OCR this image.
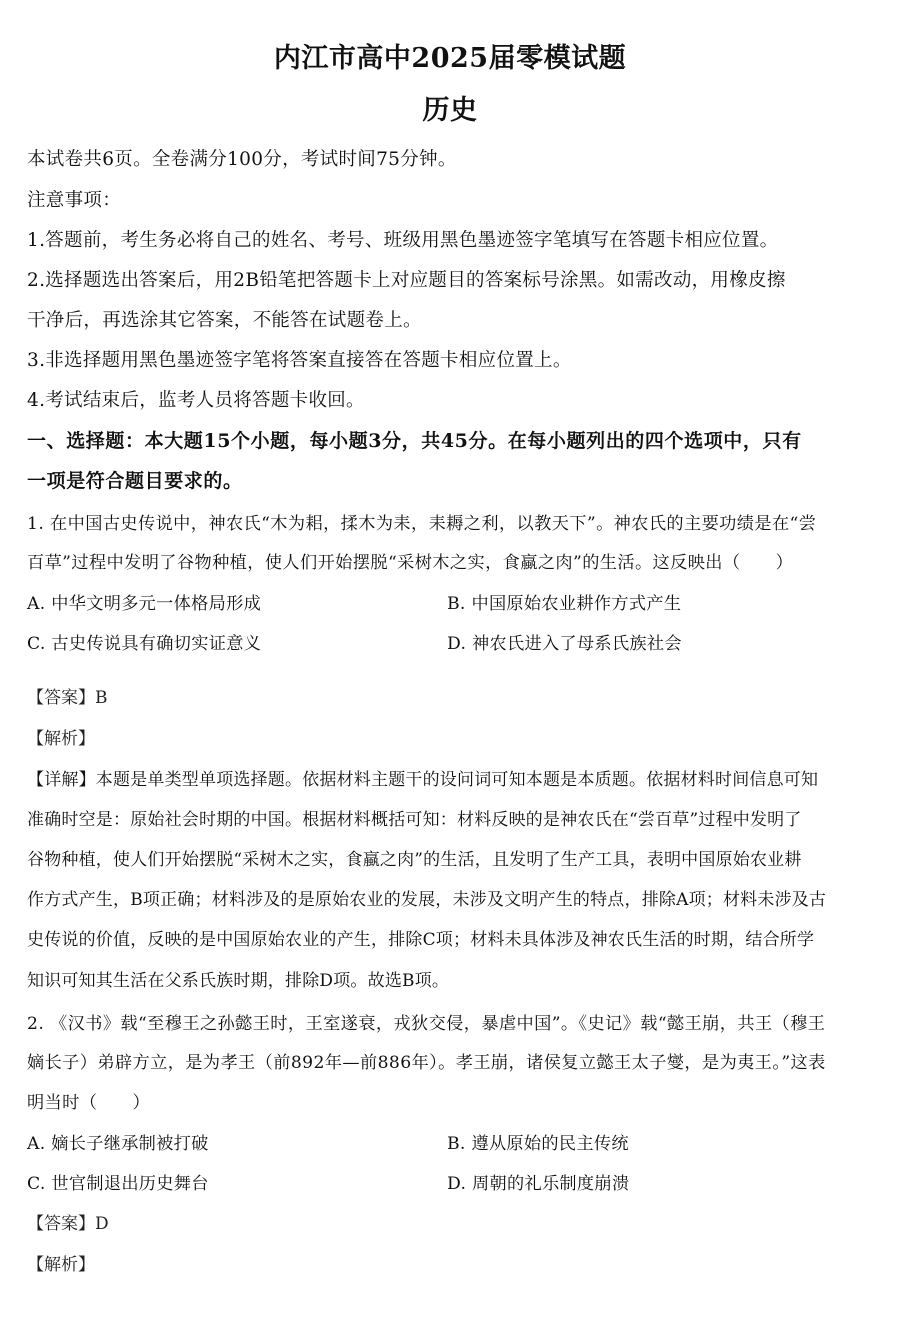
内江市高中2025届零模试题
历史
本试卷共6页。全卷满分100分，考试时间75分钟。
注意事项：
1.答题前，考生务必将自己的姓名、考号、班级用黑色墨迹签字笔填写在答题卡相应位置。
2.选择题选出答案后，用2B铅笔把答题卡上对应题目的答案标号涂黑。如需改动，用橡皮擦
干净后，再选涂其它答案，不能答在试题卷上。
3.非选择题用黑色墨迹签字笔将答案直接答在答题卡相应位置上。
4.考试结束后，监考人员将答题卡收回。
一、选择题：本大题15个小题，每小题3分，共45分。在每小题列出的四个选项中，只有
一项是符合题目要求的。
1. 在中国古史传说中，神农氏“木为耜，揉木为耒，耒耨之利，以教天下”。神农氏的主要功绩是在“尝
百草”过程中发明了谷物种植，使人们开始摆脱“采树木之实，食蠃之肉”的生活。这反映出（　　）
A. 中华文明多元一体格局形成	B. 中国原始农业耕作方式产生
C. 古史传说具有确切实证意义	D. 神农氏进入了母系氏族社会
【答案】B
【解析】
【详解】本题是单类型单项选择题。依据材料主题干的设问词可知本题是本质题。依据材料时间信息可知
准确时空是：原始社会时期的中国。根据材料概括可知：材料反映的是神农氏在“尝百草”过程中发明了
谷物种植，使人们开始摆脱“采树木之实，食蠃之肉”的生活，且发明了生产工具，表明中国原始农业耕
作方式产生，B项正确；材料涉及的是原始农业的发展，未涉及文明产生的特点，排除A项；材料未涉及古
史传说的价值，反映的是中国原始农业的产生，排除C项；材料未具体涉及神农氏生活的时期，结合所学
知识可知其生活在父系氏族时期，排除D项。故选B项。
2. 《汉书》载“至穆王之孙懿王时，王室遂衰，戎狄交侵，暴虐中国”。《史记》载“懿王崩，共王（穆王
嫡长子）弟辟方立，是为孝王（前892年—前886年）。孝王崩，诸侯复立懿王太子燮，是为夷王。”这表
明当时（　　）
A. 嫡长子继承制被打破	B. 遵从原始的民主传统
C. 世官制退出历史舞台	D. 周朝的礼乐制度崩溃
【答案】D
【解析】
